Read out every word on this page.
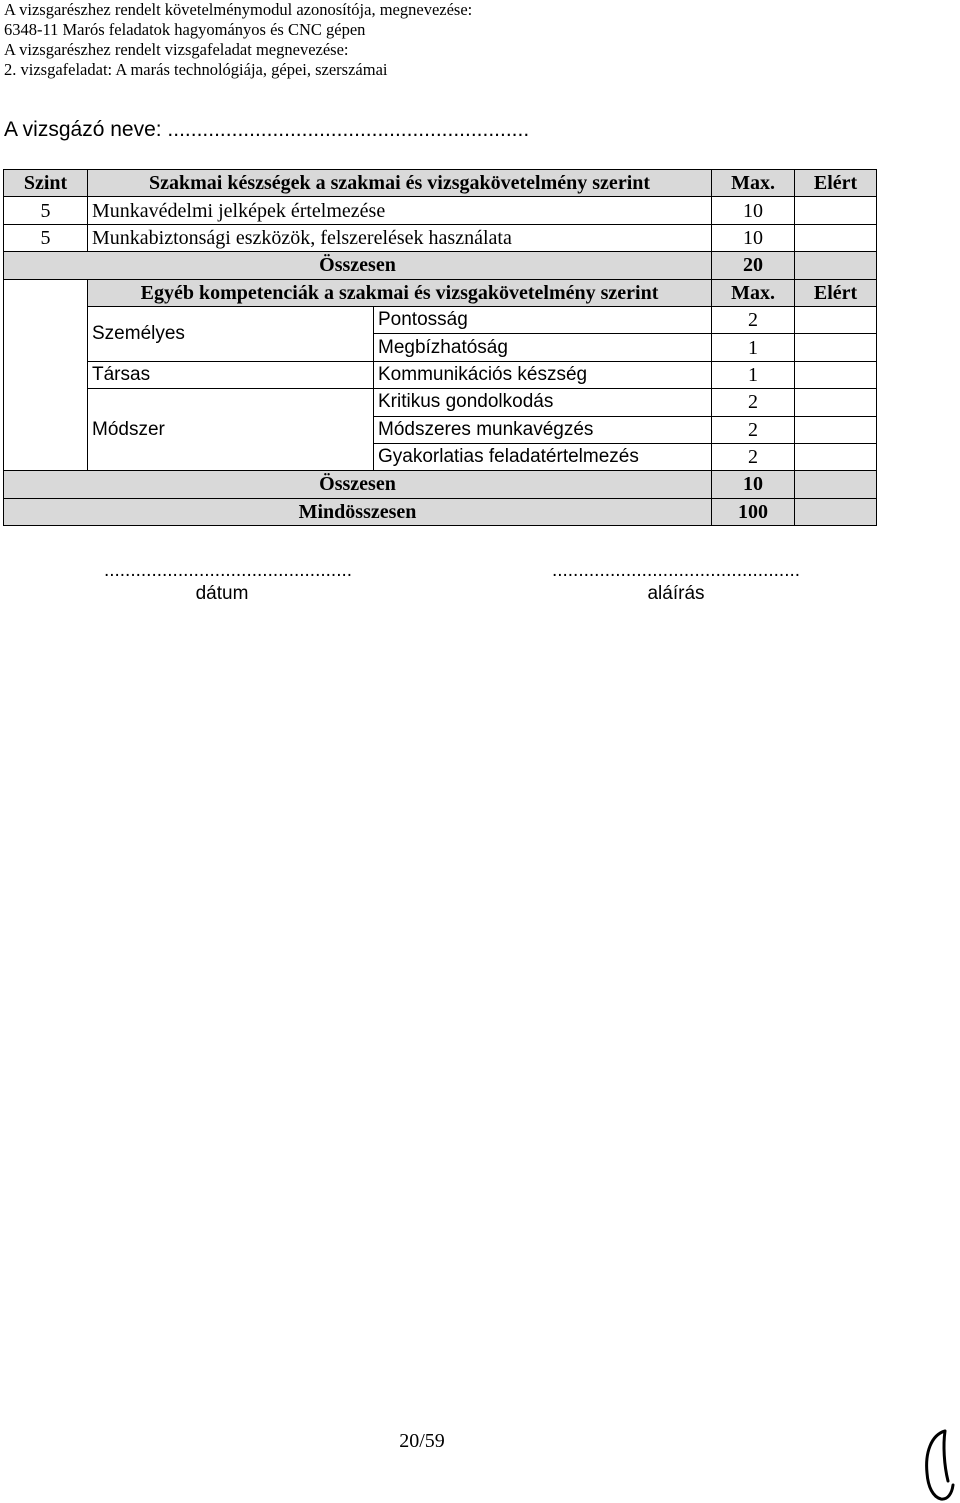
A vizsgarészhez rendelt követelménymodul azonosítója, megnevezése:
6348-11 Marós feladatok hagyományos és CNC gépen
A vizsgarészhez rendelt vizsgafeladat megnevezése:
2. vizsgafeladat: A marás technológiája, gépei, szerszámai
A vizsgázó neve: ..............................................................
Szint	Szakmai készségek a szakmai és vizsgakövetelmény szerint		Max.	Elért
5	Munkavédelmi jelképek értelmezése		10	
5	Munkabiztonsági eszközök, felszerelések használata		10	
Összesen			20	
	Egyéb kompetenciák a szakmai és vizsgakövetelmény szerint		Max.	Elért
	Személyes	Pontosság	2	
		Megbízhatóság	1	
	Társas	Kommunikációs készség	1	
	Módszer	Kritikus gondolkodás	2	
		Módszeres munkavégzés	2	
		Gyakorlatias feladatértelmezés	2	
Összesen			10	
Mindösszesen			100	
...............................................
dátum
...............................................
aláírás
20/59
